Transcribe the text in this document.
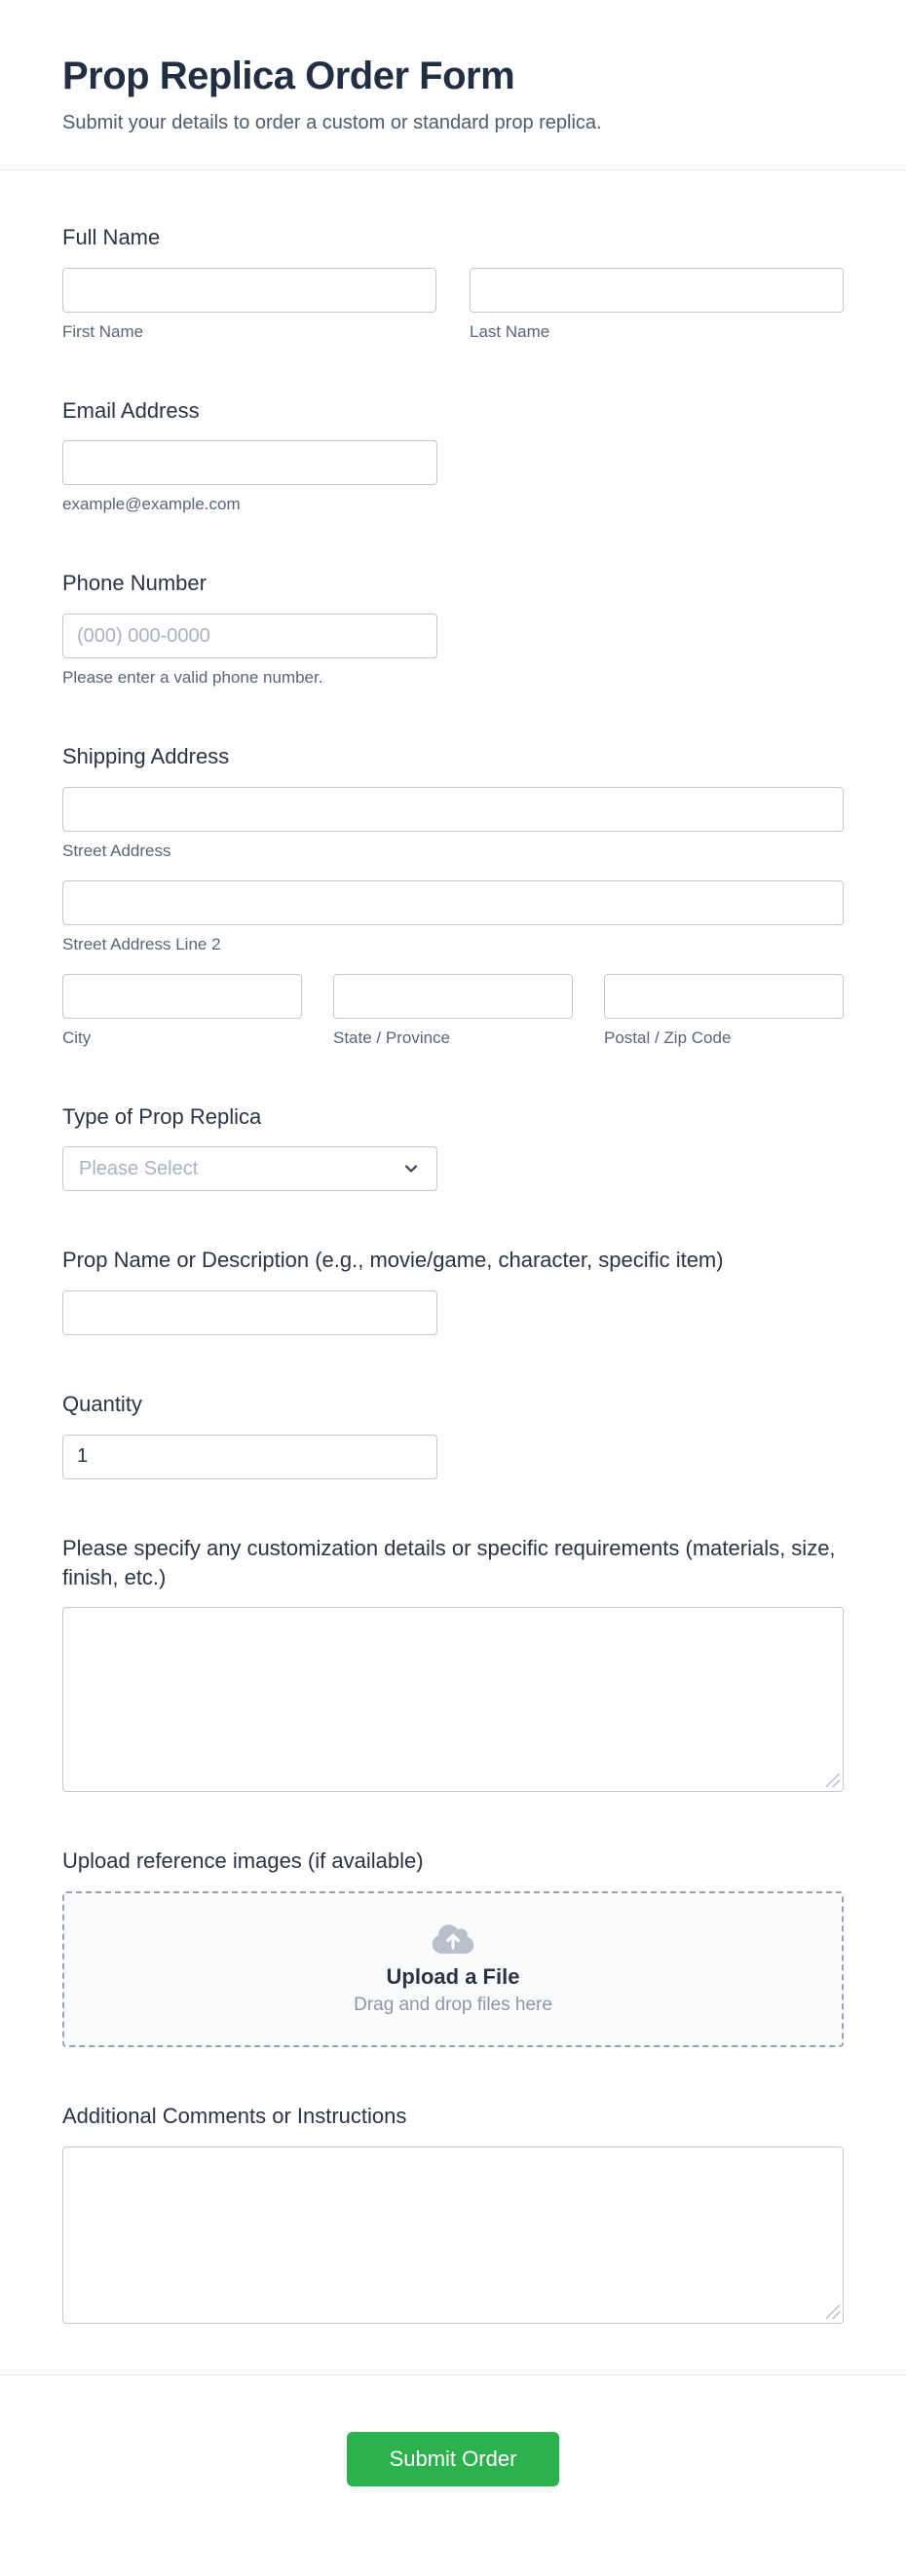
Prop Replica Order Form

Submit your details to order a custom or standard prop replica.

Full Name
First Name	Last Name
Email Address
example@example.com
Phone Number
(000) 000-0000
Please enter a valid phone number.
Shipping Address
Street Address
Street Address Line 2
City	State / Province	Postal / Zip Code
Type of Prop Replica
Please Select
Prop Name or Description (e.g., movie/game, character, specific item)
Quantity
1
Please specify any customization details or specific requirements (materials, size, finish, etc.)
Upload reference images (if available)
Upload a File
Drag and drop files here
Additional Comments or Instructions
Submit Order
